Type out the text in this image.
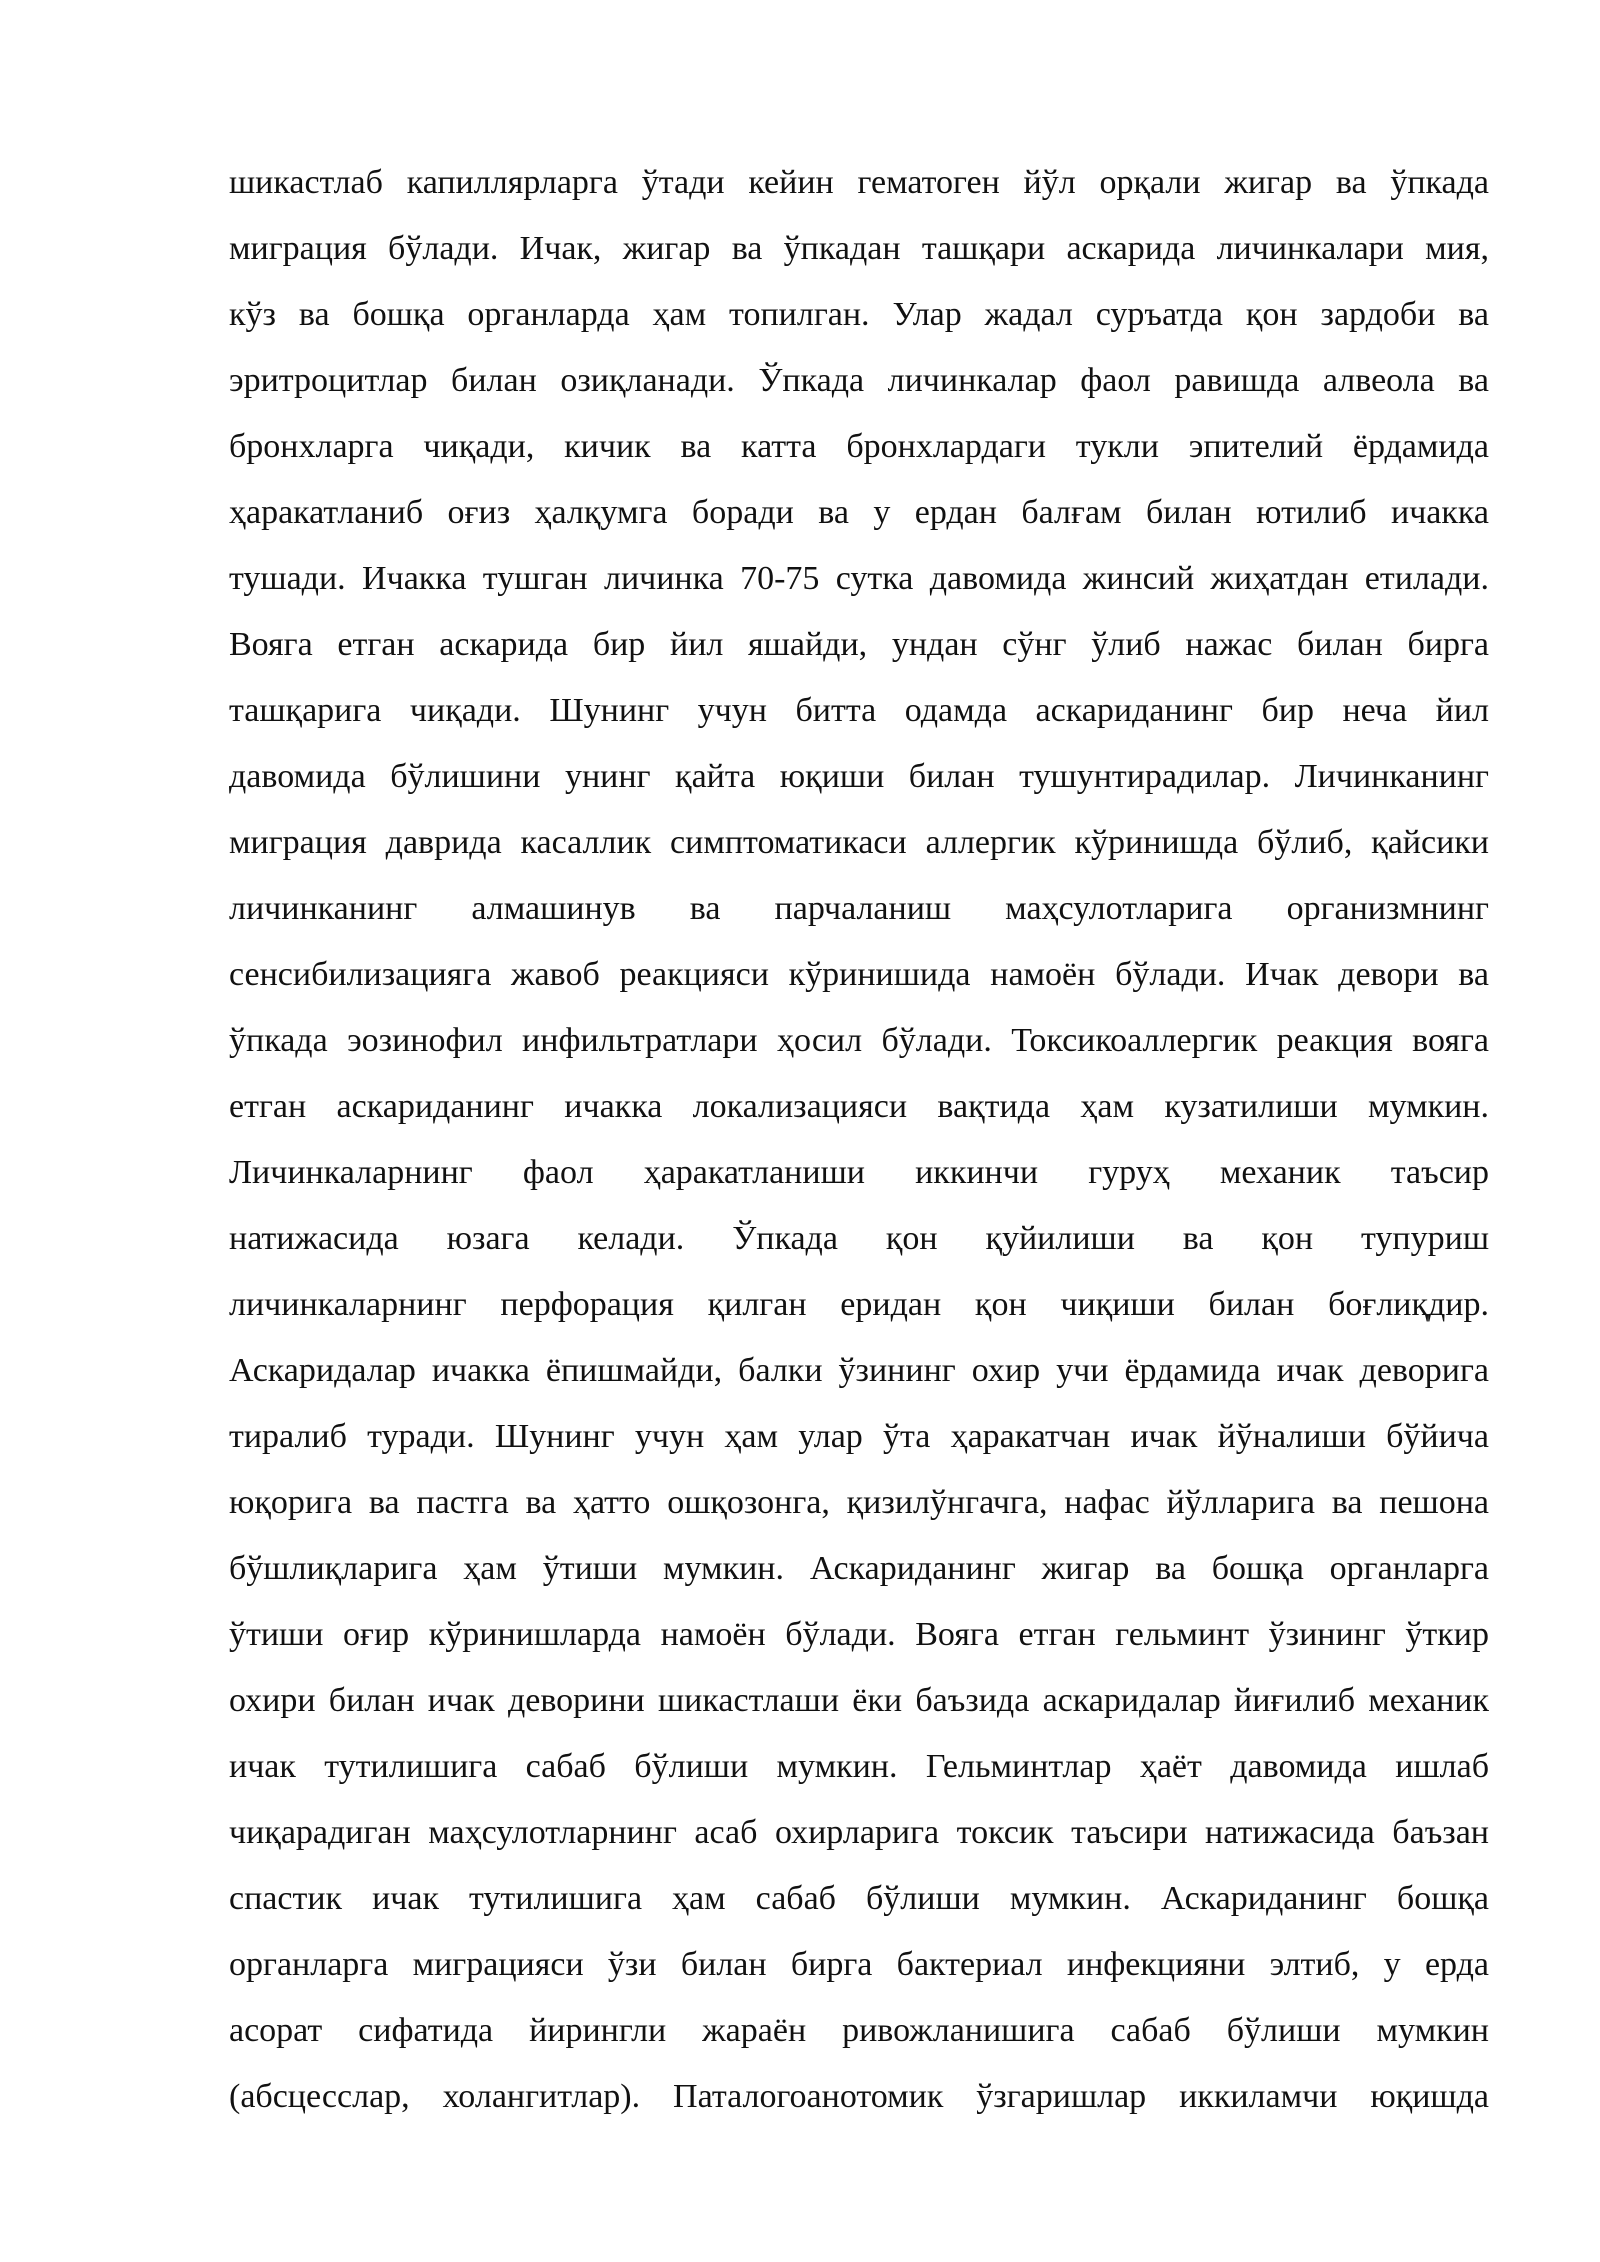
шикастлаб капиллярларга ўтади кейин гематоген йўл орқали жигар ва ўпкада
миграция бўлади. Ичак, жигар ва ўпкадан ташқари аскарида личинкалари мия,
кўз ва бошқа органларда ҳам топилган. Улар жадал суръатда қон зардоби ва
эритроцитлар билан озиқланади. Ўпкада личинкалар фаол равишда алвеола ва
бронхларга чиқади, кичик ва катта бронхлардаги тукли эпителий ёрдамида
ҳаракатланиб оғиз ҳалқумга боради ва у ердан балғам билан ютилиб ичакка
тушади. Ичакка тушган личинка 70-75 сутка давомида жинсий жиҳатдан етилади.
Вояга етган аскарида бир йил яшайди, ундан сўнг ўлиб нажас билан бирга
ташқарига чиқади. Шунинг учун битта одамда аскариданинг бир неча йил
давомида бўлишини унинг қайта юқиши билан тушунтирадилар. Личинканинг
миграция даврида касаллик симптоматикаси аллергик кўринишда бўлиб, қайсики
личинканинг алмашинув ва парчаланиш маҳсулотларига организмнинг
сенсибилизацияга жавоб реакцияси кўринишида намоён бўлади. Ичак девори ва
ўпкада эозинофил инфильтратлари ҳосил бўлади. Токсикоаллергик реакция вояга
етган аскариданинг ичакка локализацияси вақтида ҳам кузатилиши мумкин.
Личинкаларнинг фаол ҳаракатланиши иккинчи гуруҳ механик таъсир
натижасида юзага келади. Ўпкада қон қуйилиши ва қон тупуриш
личинкаларнинг перфорация қилган еридан қон чиқиши билан боғлиқдир.
Аскаридалар ичакка ёпишмайди, балки ўзининг охир учи ёрдамида ичак деворига
тиралиб туради. Шунинг учун ҳам улар ўта ҳаракатчан ичак йўналиши бўйича
юқорига ва пастга ва ҳатто ошқозонга, қизилўнгачга, нафас йўлларига ва пешона
бўшлиқларига ҳам ўтиши мумкин. Аскариданинг жигар ва бошқа органларга
ўтиши оғир кўринишларда намоён бўлади. Вояга етган гельминт ўзининг ўткир
охири билан ичак деворини шикастлаши ёки баъзида аскаридалар йиғилиб механик
ичак тутилишига сабаб бўлиши мумкин. Гельминтлар ҳаёт давомида ишлаб
чиқарадиган маҳсулотларнинг асаб охирларига токсик таъсири натижасида баъзан
спастик ичак тутилишига ҳам сабаб бўлиши мумкин. Аскариданинг бошқа
органларга миграцияси ўзи билан бирга бактериал инфекцияни элтиб, у ерда
асорат сифатида йирингли жараён ривожланишига сабаб бўлиши мумкин
(абсцесслар, холангитлар). Паталогоанотомик ўзгаришлар иккиламчи юқишда
